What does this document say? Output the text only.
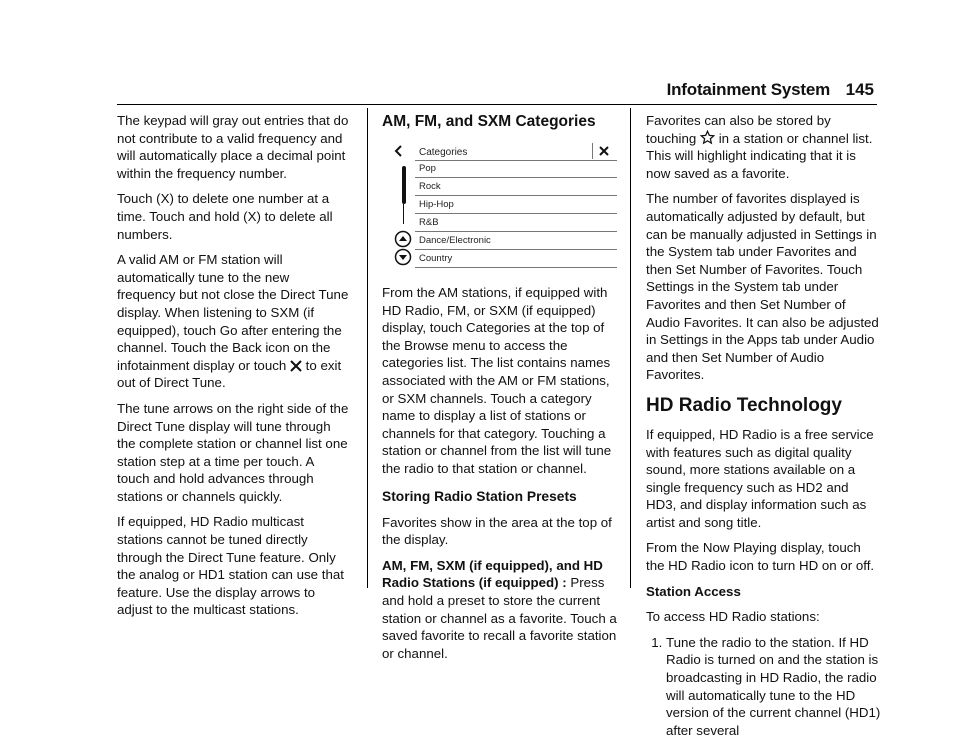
Infotainment System 145

The keypad will gray out entries that do not contribute to a valid frequency and will automatically place a decimal point within the frequency number.

Touch (X) to delete one number at a time. Touch and hold (X) to delete all numbers.

A valid AM or FM station will automatically tune to the new frequency but not close the Direct Tune display. When listening to SXM (if equipped), touch Go after entering the channel. Touch the Back icon on the infotainment display or touch to exit out of Direct Tune.

The tune arrows on the right side of the Direct Tune display will tune through the complete station or channel list one station step at a time per touch. A touch and hold advances through stations or channels quickly.

If equipped, HD Radio multicast stations cannot be tuned directly through the Direct Tune feature. Only the analog or HD1 station can use that feature. Use the display arrows to adjust to the multicast stations.

AM, FM, and SXM Categories
Categories
Pop
Rock
Hip-Hop
R&B
Dance/Electronic
Country

From the AM stations, if equipped with HD Radio, FM, or SXM (if equipped) display, touch Categories at the top of the Browse menu to access the categories list. The list contains names associated with the AM or FM stations, or SXM channels. Touch a category name to display a list of stations or channels for that category. Touching a station or channel from the list will tune the radio to that station or channel.

Storing Radio Station Presets

Favorites show in the area at the top of the display.

AM, FM, SXM (if equipped), and HD Radio Stations (if equipped) : Press and hold a preset to store the current station or channel as a favorite. Touch a saved favorite to recall a favorite station or channel.

Favorites can also be stored by touching in a station or channel list. This will highlight indicating that it is now saved as a favorite.

The number of favorites displayed is automatically adjusted by default, but can be manually adjusted in Settings in the System tab under Favorites and then Set Number of Favorites. Touch Settings in the System tab under Favorites and then Set Number of Audio Favorites. It can also be adjusted in Settings in the Apps tab under Audio and then Set Number of Audio Favorites.

HD Radio Technology

If equipped, HD Radio is a free service with features such as digital quality sound, more stations available on a single frequency such as HD2 and HD3, and display information such as artist and song title.

From the Now Playing display, touch the HD Radio icon to turn HD on or off.

Station Access

To access HD Radio stations:

1. Tune the radio to the station. If HD Radio is turned on and the station is broadcasting in HD Radio, the radio will automatically tune to the HD version of the current channel (HD1) after several
